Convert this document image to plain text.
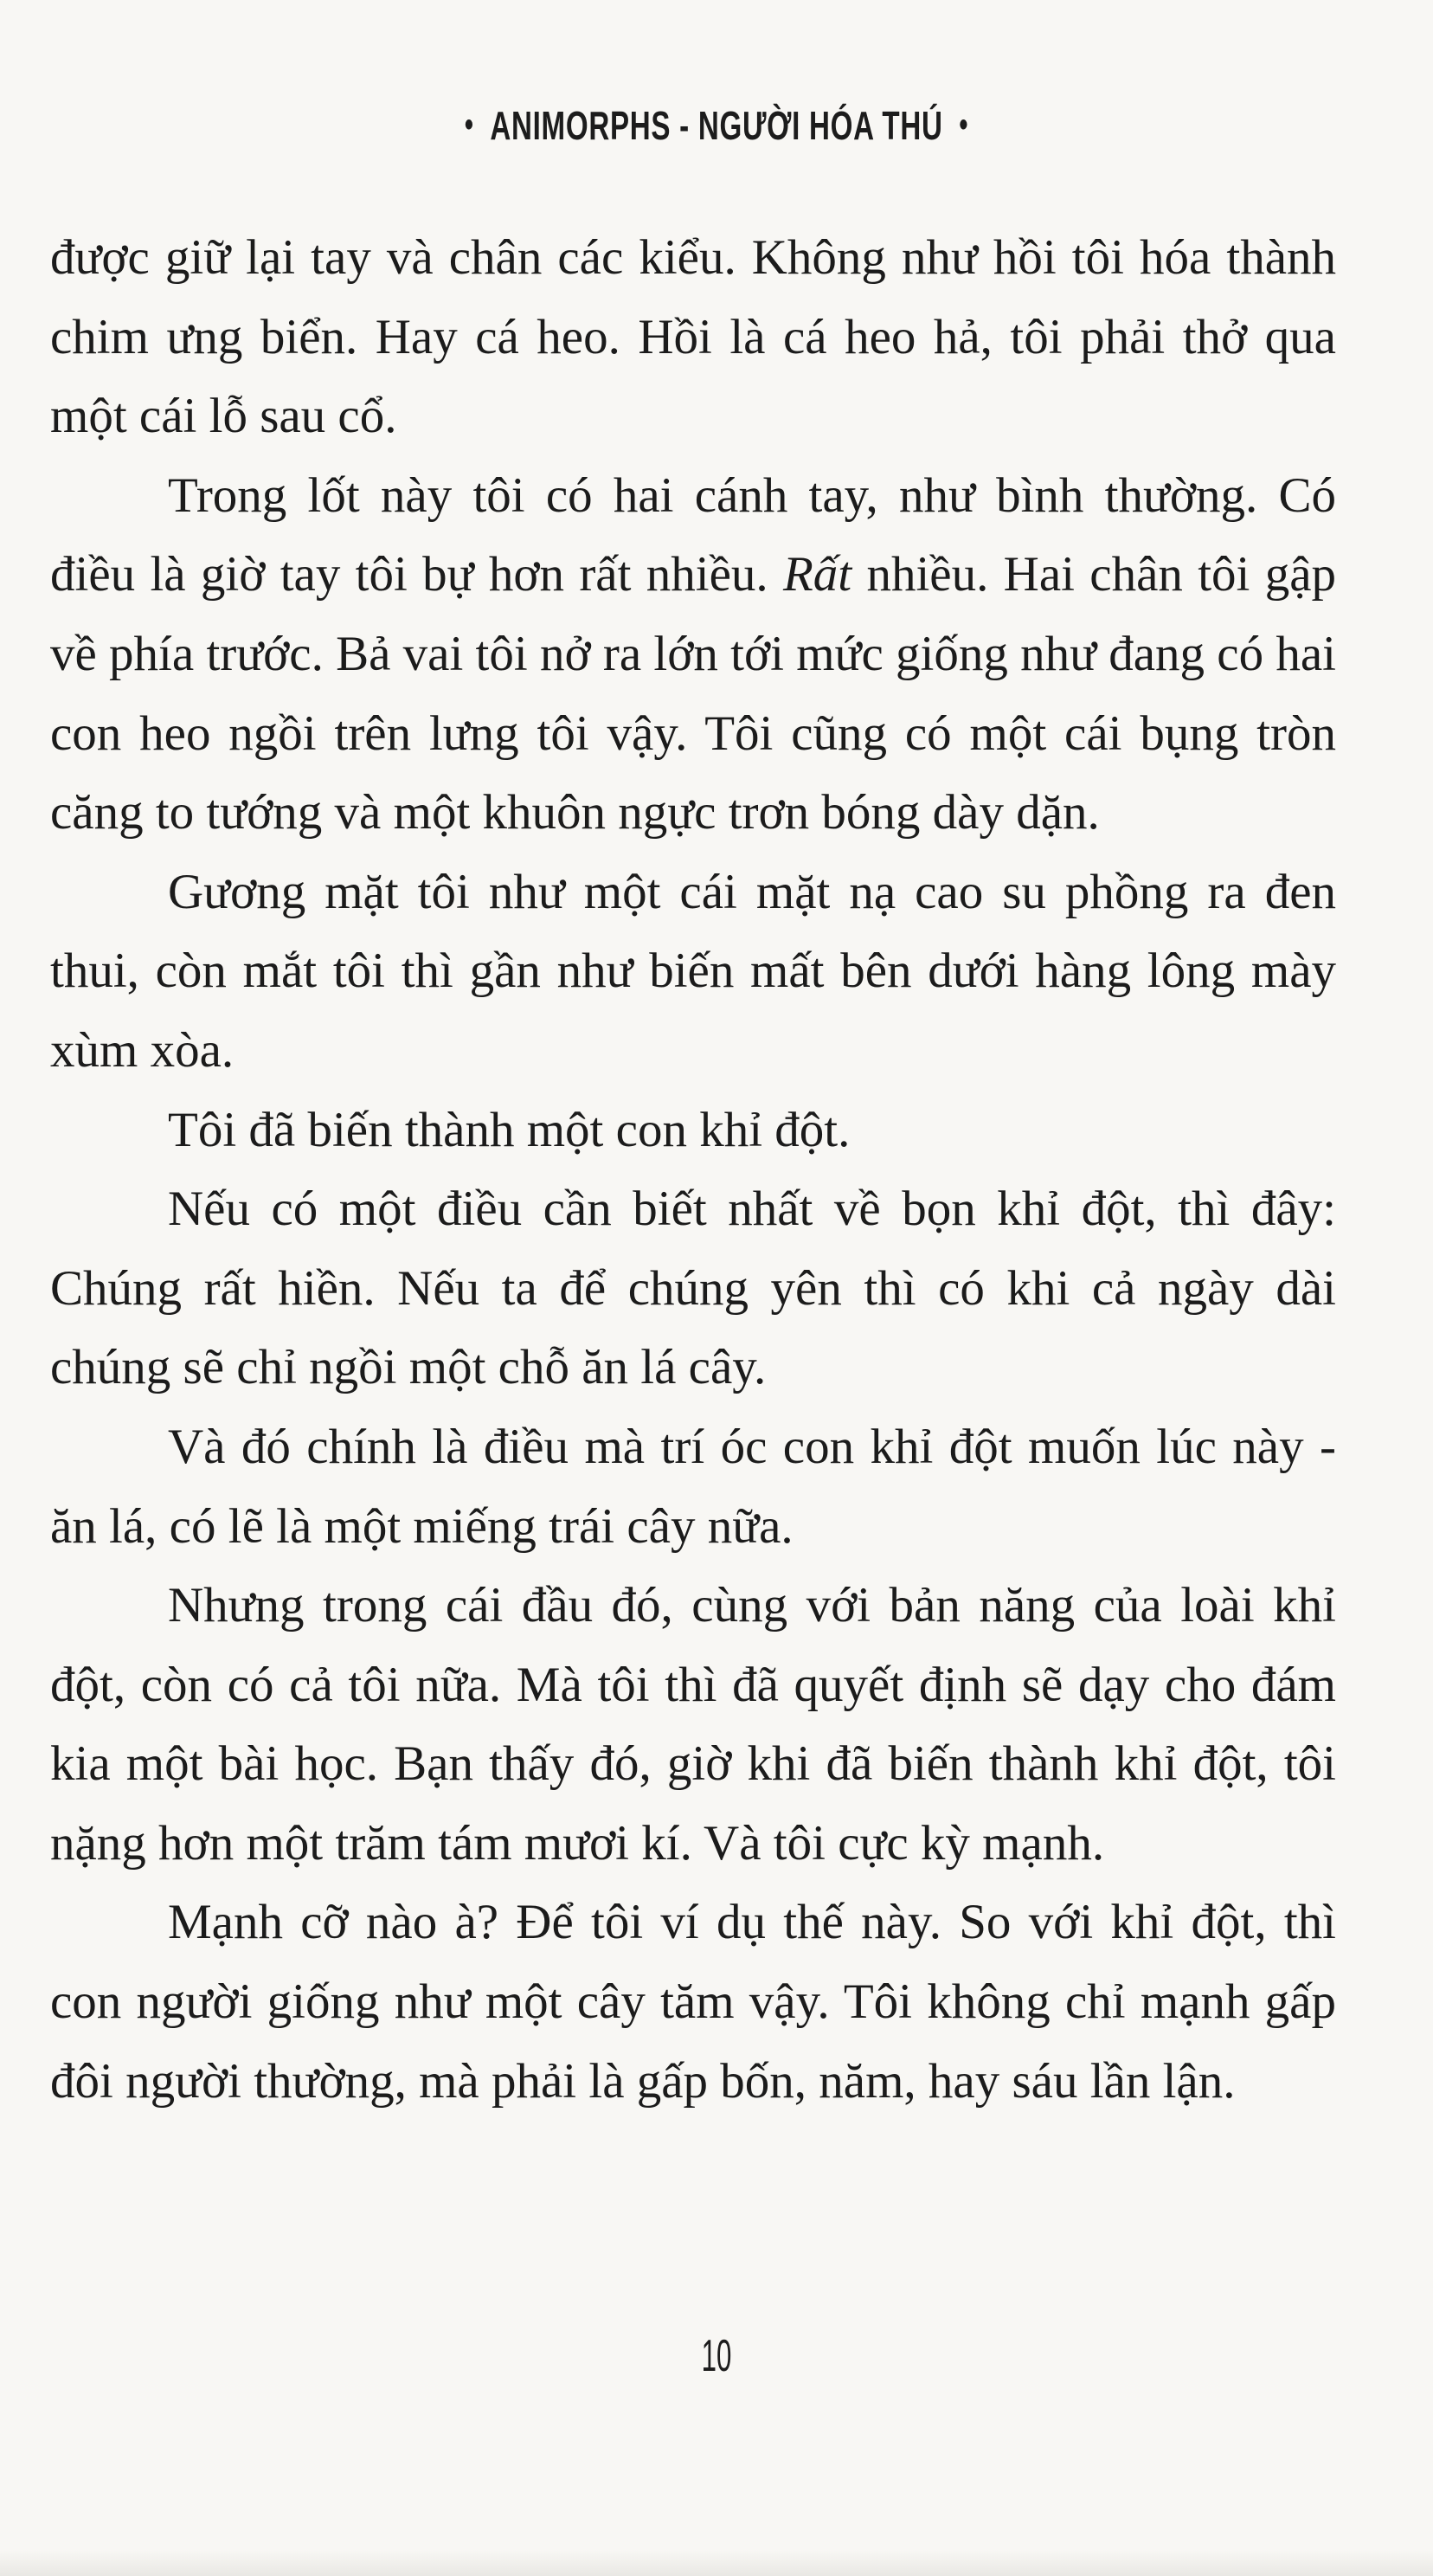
• ANIMORPHS - NGƯỜI HÓA THÚ •

được giữ lại tay và chân các kiểu. Không như hồi tôi hóa thành chim ưng biển. Hay cá heo. Hồi là cá heo hả, tôi phải thở qua một cái lỗ sau cổ.

Trong lốt này tôi có hai cánh tay, như bình thường. Có điều là giờ tay tôi bự hơn rất nhiều. Rất nhiều. Hai chân tôi gập về phía trước. Bả vai tôi nở ra lớn tới mức giống như đang có hai con heo ngồi trên lưng tôi vậy. Tôi cũng có một cái bụng tròn căng to tướng và một khuôn ngực trơn bóng dày dặn.

Gương mặt tôi như một cái mặt nạ cao su phồng ra đen thui, còn mắt tôi thì gần như biến mất bên dưới hàng lông mày xùm xòa.

Tôi đã biến thành một con khỉ đột.

Nếu có một điều cần biết nhất về bọn khỉ đột, thì đây: Chúng rất hiền. Nếu ta để chúng yên thì có khi cả ngày dài chúng sẽ chỉ ngồi một chỗ ăn lá cây.

Và đó chính là điều mà trí óc con khỉ đột muốn lúc này - ăn lá, có lẽ là một miếng trái cây nữa.

Nhưng trong cái đầu đó, cùng với bản năng của loài khỉ đột, còn có cả tôi nữa. Mà tôi thì đã quyết định sẽ dạy cho đám kia một bài học. Bạn thấy đó, giờ khi đã biến thành khỉ đột, tôi nặng hơn một trăm tám mươi kí. Và tôi cực kỳ mạnh.

Mạnh cỡ nào à? Để tôi ví dụ thế này. So với khỉ đột, thì con người giống như một cây tăm vậy. Tôi không chỉ mạnh gấp đôi người thường, mà phải là gấp bốn, năm, hay sáu lần lận.

10
